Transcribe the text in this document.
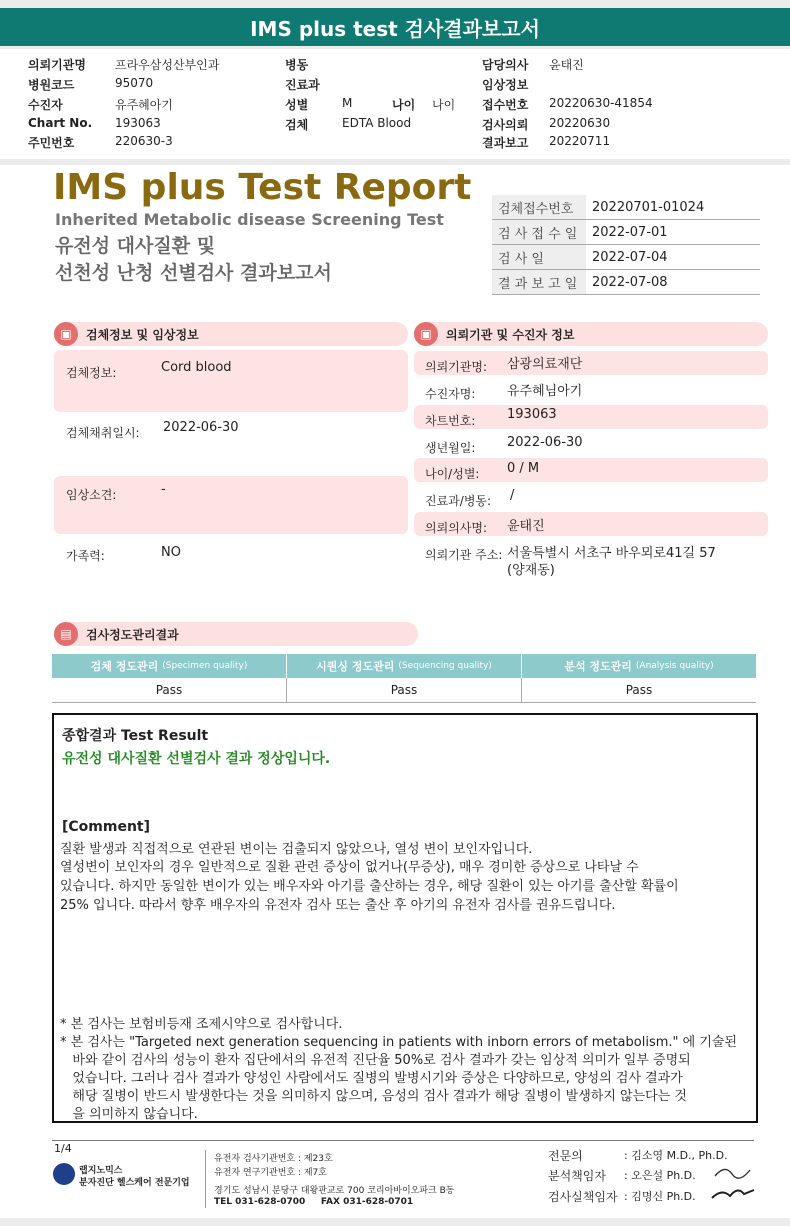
IMS plus test 검사결과보고서
의뢰기관명 프라우삼성산부인과
병원코드	95070
수진자	유주혜아기
Chart No. 193063
주민번호	220630-3
병동
진료과
성별	M	나이 나이
검체	EDTA Blood
담당의사 윤태진
임상정보
접수번호 20220630-41854
검사의뢰 20220630
결과보고 20220711
IMS plus Test Report
Inherited Metabolic disease Screening Test
유전성 대사질환 및
선천성 난청 선별검사 결과보고서
검체접수번호	20220701-01024
검 사 접 수 일	2022-07-01
검 사 일	2022-07-04
결 과 보 고 일	2022-07-08
▣	검체정보 및 임상정보	▣	의뢰기관 및 수진자 정보
검체정보:	Cord blood
검체채취일시: 2022-06-30
임상소견:	-
가족력:	NO
의뢰기관명: 삼광의료재단
수진자명: 유주혜님아기
차트번호: 193063
생년월일: 2022-06-30
나이/성별: 0 / M
진료과/병동: /
의뢰의사명: 윤태진
의뢰기관 주소: 서울특별시 서초구 바우뫼로41길 57
(양재동)
▤	검사정도관리결과
검체 정도관리 (Specimen quality)	시퀀싱 정도관리 (Sequencing quality)	분석 정도관리 (Analysis quality)
Pass	Pass	Pass
종합결과 Test Result
유전성 대사질환 선별검사 결과 정상입니다.
[Comment]
질환 발생과 직접적으로 연관된 변이는 검출되지 않았으나, 열성 변이 보인자입니다.
열성변이 보인자의 경우 일반적으로 질환 관련 증상이 없거나(무증상), 매우 경미한 증상으로 나타날 수
있습니다. 하지만 동일한 변이가 있는 배우자와 아기를 출산하는 경우, 해당 질환이 있는 아기를 출산할 확률이
25% 입니다. 따라서 향후 배우자의 유전자 검사 또는 출산 후 아기의 유전자 검사를 권유드립니다.
* 본 검사는 보험비등재 조제시약으로 검사합니다.
* 본 검사는 "Targeted next generation sequencing in patients with inborn errors of metabolism." 에 기술된
바와 같이 검사의 성능이 환자 집단에서의 유전적 진단율 50%로 검사 결과가 갖는 임상적 의미가 일부 증명되
었습니다. 그러나 검사 결과가 양성인 사람에서도 질병의 발병시기와 증상은 다양하므로, 양성의 검사 결과가
해당 질병이 반드시 발생한다는 것을 의미하지 않으며, 음성의 검사 결과가 해당 질병이 발생하지 않는다는 것
을 의미하지 않습니다.
1/4
랩지노믹스
분자진단 헬스케어 전문기업
유전자 검사기관번호 : 제23호
유전자 연구기관번호 : 제7호
경기도 성남시 분당구 대왕판교로 700 코리아바이오파크 B동
TEL 031-628-0700     FAX 031-628-0701
전문의	: 김소영 M.D., Ph.D.
분석책임자 : 오은설 Ph.D.
검사실책임자 : 김명신 Ph.D.
